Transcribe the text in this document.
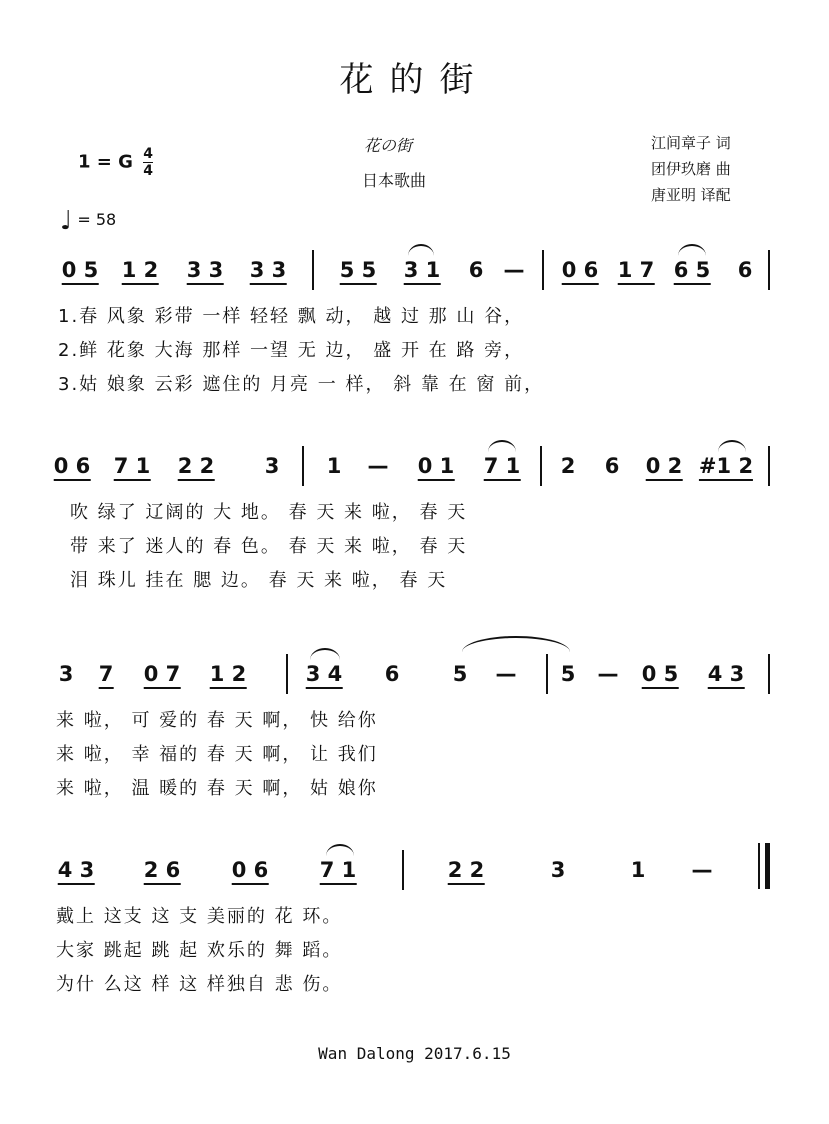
花的街
1 = G $\frac{4}{4}$
♩ = 58
花の街
日本歌曲
江间章子 词
团伊玖磨 曲
唐亚明 译配
0 5 1 2 3 3 3 3	5 5 3 1 6 — 0 6 1 7 6 5 6
1.春 风象 彩带 一样 轻轻 飘 动， 越 过 那 山 谷，
2.鲜 花象 大海 那样 一望 无 边， 盛 开 在 路 旁，
3.姑 娘象 云彩 遮住的 月亮 一 样， 斜 靠 在 窗 前，
0 6 7 1 2 2 3 1 — 0 1 7 1 2 6 0 2 #1 2
吹 绿了 辽阔的 大 地。 春 天 来 啦， 春 天
带 来了 迷人的 春 色。 春 天 来 啦， 春 天
泪 珠儿 挂在 腮 边。 春 天 来 啦， 春 天
3 7 0 7 1 2	3 4 6	5 — 5 — 0 5 4 3
来 啦， 可 爱的 春 天 啊， 快 给你
来 啦， 幸 福的 春 天 啊， 让 我们
来 啦， 温 暖的 春 天 啊， 姑 娘你
4 3 2 6 0 6 7 1	2 2	3	1 —
戴上 这支 这 支 美丽的 花 环。
大家 跳起 跳 起 欢乐的 舞 蹈。
为什 么这 样 这 样独自 悲 伤。
Wan Dalong 2017.6.15
